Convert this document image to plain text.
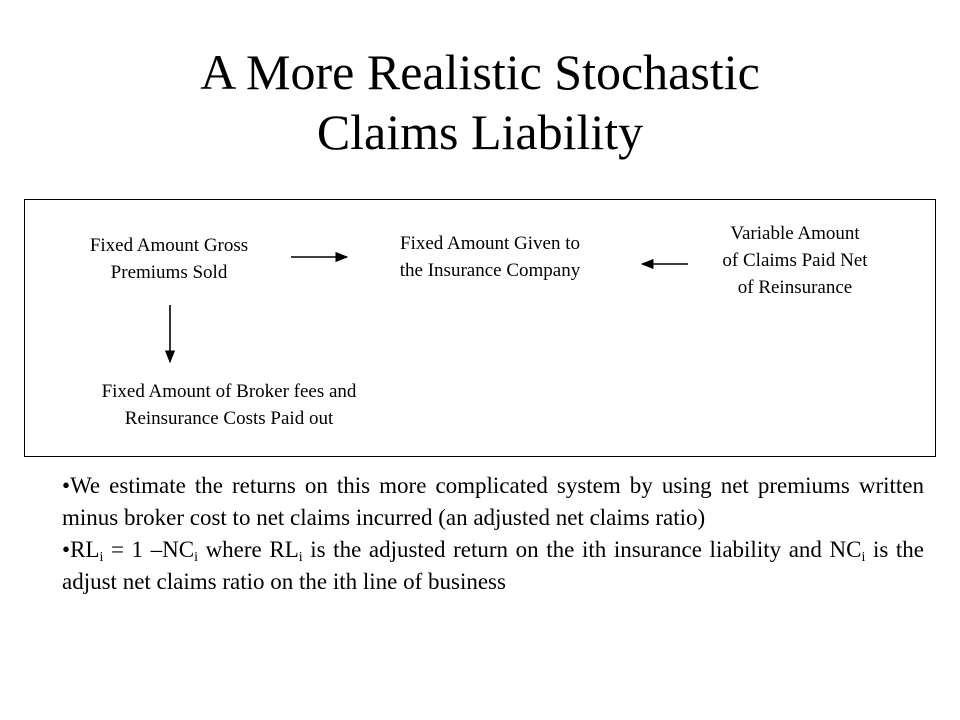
A More Realistic Stochastic
Claims Liability
Fixed Amount Gross
Premiums Sold
Fixed Amount Given to
the Insurance Company
Variable Amount
of Claims Paid Net
of Reinsurance
Fixed Amount of Broker fees and
Reinsurance Costs Paid out

•We estimate the returns on this more complicated system by using net premiums written minus broker cost to net claims incurred (an adjusted net claims ratio)

$•RL_i = 1$ $-NC_i$ where $RL_i$ is the adjusted return on the ith insurance liability and $NC_i$ is the adjust net claims ratio on the ith line of business
